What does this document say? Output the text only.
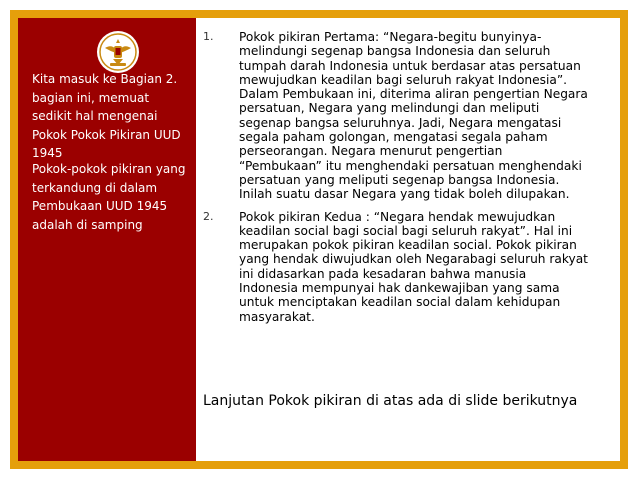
Kita masuk ke Bagian 2. bagian ini, memuat sedikit hal mengenai Pokok Pokok Pikiran UUD 1945
Pokok-pokok pikiran yang terkandung di dalam Pembukaan UUD 1945 adalah di samping
1. Pokok pikiran Pertama: “Negara-begitu bunyinya- melindungi segenap bangsa Indonesia dan seluruh tumpah darah Indonesia untuk berdasar atas persatuan mewujudkan keadilan bagi seluruh rakyat Indonesia”. Dalam Pembukaan ini, diterima aliran pengertian Negara persatuan, Negara yang melindungi dan meliputi segenap bangsa seluruhnya. Jadi, Negara mengatasi segala paham golongan, mengatasi segala paham perseorangan. Negara menurut pengertian “Pembukaan” itu menghendaki persatuan menghendaki persatuan yang meliputi segenap bangsa Indonesia. Inilah suatu dasar Negara yang tidak boleh dilupakan.
2. Pokok pikiran Kedua : “Negara hendak mewujudkan keadilan social bagi social bagi seluruh rakyat”. Hal ini merupakan pokok pikiran keadilan social. Pokok pikiran yang hendak diwujudkan oleh Negarabagi seluruh rakyat ini didasarkan pada kesadaran bahwa manusia Indonesia mempunyai hak dankewajiban yang sama untuk menciptakan keadilan social dalam kehidupan masyarakat.
Lanjutan Pokok pikiran di atas ada di slide berikutnya
